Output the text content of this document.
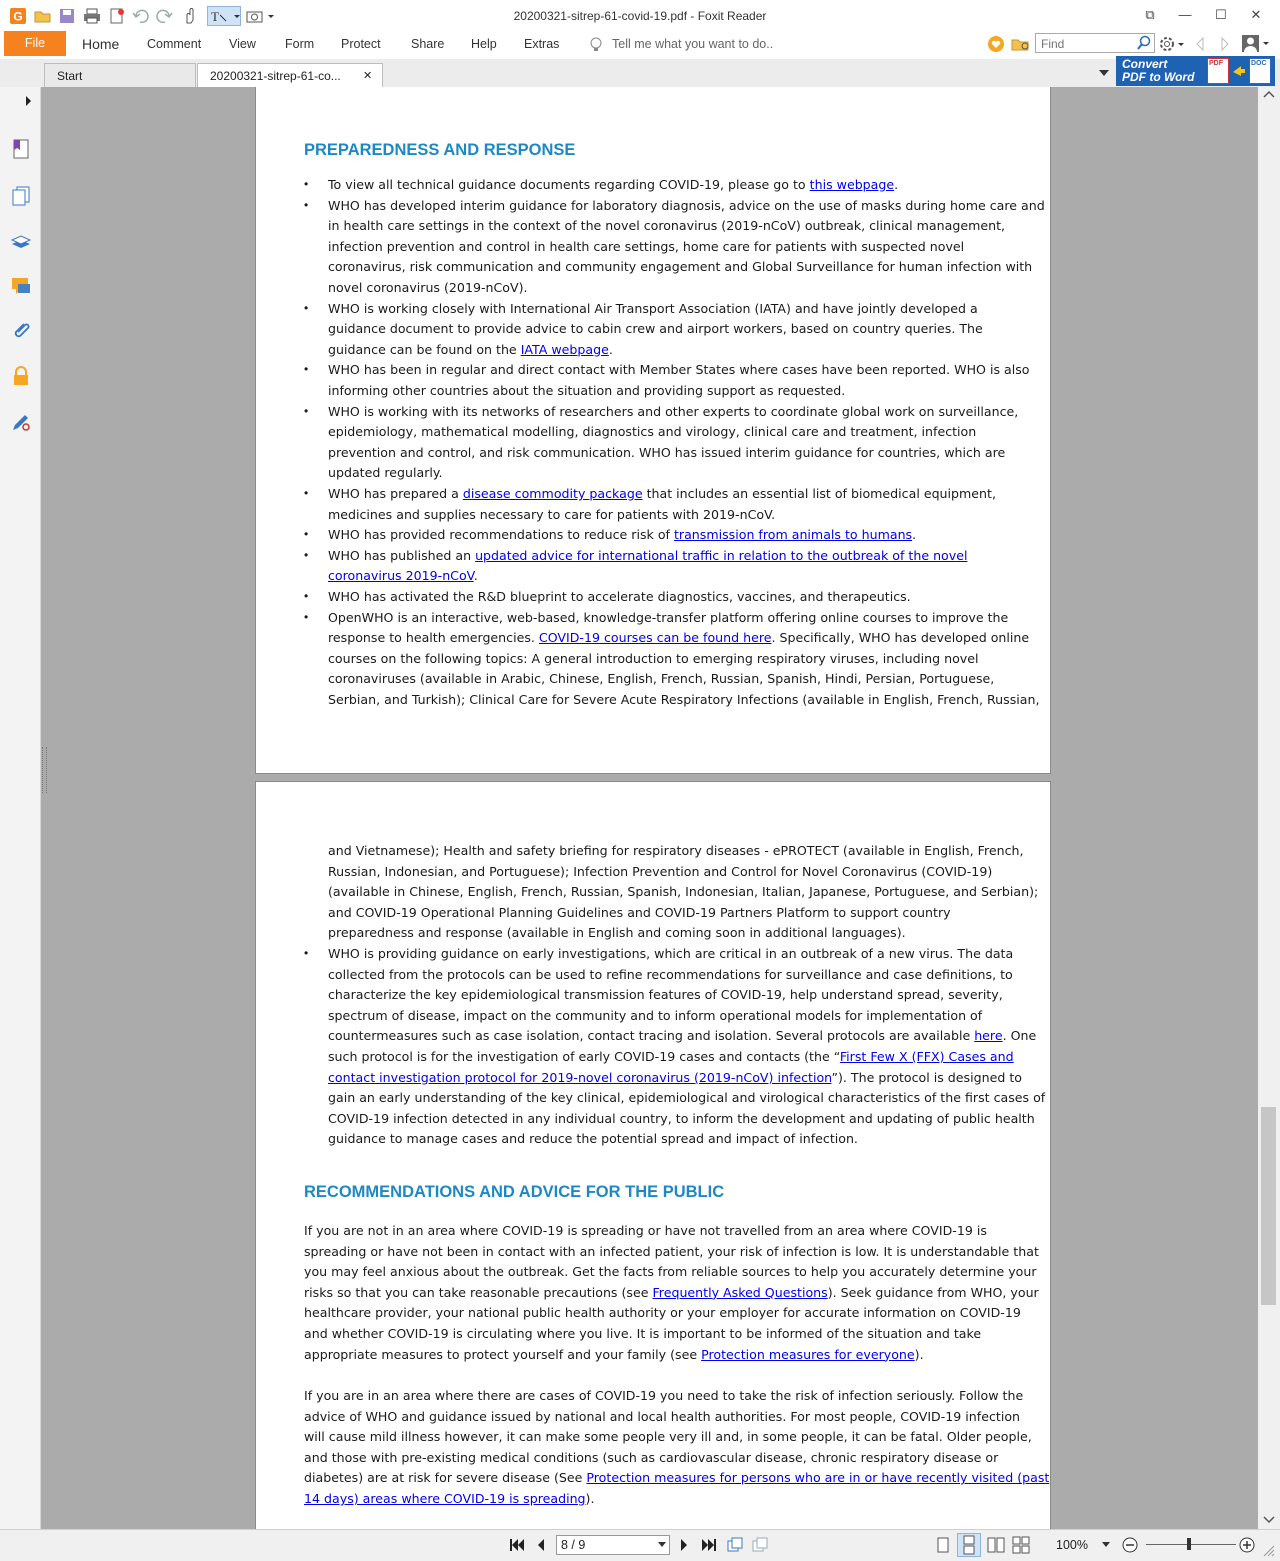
20200321-sitrep-61-covid-19.pdf - Foxit Reader
G	T	⧉	—	☐	✕
Home Comment View Form Protect Share Help Extras	Tell me what you want to do..
Find
File
Start	20200321-sitrep-61-co... ✕
Convert
PDF to Word
PDF	DOC
PREPAREDNESS AND RESPONSE
• To view all technical guidance documents regarding COVID-19, please go to this webpage.
• WHO has developed interim guidance for laboratory diagnosis, advice on the use of masks during home care and
in health care settings in the context of the novel coronavirus (2019-nCoV) outbreak, clinical management,
infection prevention and control in health care settings, home care for patients with suspected novel
coronavirus, risk communication and community engagement and Global Surveillance for human infection with
novel coronavirus (2019-nCoV).
• WHO is working closely with International Air Transport Association (IATA) and have jointly developed a
guidance document to provide advice to cabin crew and airport workers, based on country queries. The
guidance can be found on the IATA webpage.
• WHO has been in regular and direct contact with Member States where cases have been reported. WHO is also
informing other countries about the situation and providing support as requested.
• WHO is working with its networks of researchers and other experts to coordinate global work on surveillance,
epidemiology, mathematical modelling, diagnostics and virology, clinical care and treatment, infection
prevention and control, and risk communication. WHO has issued interim guidance for countries, which are
updated regularly.
• WHO has prepared a disease commodity package that includes an essential list of biomedical equipment,
medicines and supplies necessary to care for patients with 2019-nCoV.
• WHO has provided recommendations to reduce risk of transmission from animals to humans.
• WHO has published an updated advice for international traffic in relation to the outbreak of the novel
coronavirus 2019-nCoV.
• WHO has activated the R&D blueprint to accelerate diagnostics, vaccines, and therapeutics.
• OpenWHO is an interactive, web-based, knowledge-transfer platform offering online courses to improve the
response to health emergencies. COVID-19 courses can be found here. Specifically, WHO has developed online
courses on the following topics: A general introduction to emerging respiratory viruses, including novel
coronaviruses (available in Arabic, Chinese, English, French, Russian, Spanish, Hindi, Persian, Portuguese,
Serbian, and Turkish); Clinical Care for Severe Acute Respiratory Infections (available in English, French, Russian,
and Vietnamese); Health and safety briefing for respiratory diseases - ePROTECT (available in English, French,
Russian, Indonesian, and Portuguese); Infection Prevention and Control for Novel Coronavirus (COVID-19)
(available in Chinese, English, French, Russian, Spanish, Indonesian, Italian, Japanese, Portuguese, and Serbian);
and COVID-19 Operational Planning Guidelines and COVID-19 Partners Platform to support country
preparedness and response (available in English and coming soon in additional languages).
• WHO is providing guidance on early investigations, which are critical in an outbreak of a new virus. The data
collected from the protocols can be used to refine recommendations for surveillance and case definitions, to
characterize the key epidemiological transmission features of COVID-19, help understand spread, severity,
spectrum of disease, impact on the community and to inform operational models for implementation of
countermeasures such as case isolation, contact tracing and isolation. Several protocols are available here. One
such protocol is for the investigation of early COVID-19 cases and contacts (the “First Few X (FFX) Cases and
contact investigation protocol for 2019-novel coronavirus (2019-nCoV) infection”). The protocol is designed to
gain an early understanding of the key clinical, epidemiological and virological characteristics of the first cases of
COVID-19 infection detected in any individual country, to inform the development and updating of public health
guidance to manage cases and reduce the potential spread and impact of infection.
RECOMMENDATIONS AND ADVICE FOR THE PUBLIC
If you are not in an area where COVID-19 is spreading or have not travelled from an area where COVID-19 is
spreading or have not been in contact with an infected patient, your risk of infection is low. It is understandable that
you may feel anxious about the outbreak. Get the facts from reliable sources to help you accurately determine your
risks so that you can take reasonable precautions (see Frequently Asked Questions). Seek guidance from WHO, your
healthcare provider, your national public health authority or your employer for accurate information on COVID-19
and whether COVID-19 is circulating where you live. It is important to be informed of the situation and take
appropriate measures to protect yourself and your family (see Protection measures for everyone).
If you are in an area where there are cases of COVID-19 you need to take the risk of infection seriously. Follow the
advice of WHO and guidance issued by national and local health authorities. For most people, COVID-19 infection
will cause mild illness however, it can make some people very ill and, in some people, it can be fatal. Older people,
and those with pre-existing medical conditions (such as cardiovascular disease, chronic respiratory disease or
diabetes) are at risk for severe disease (See Protection measures for persons who are in or have recently visited (past
14 days) areas where COVID-19 is spreading).
8 / 9	100%
